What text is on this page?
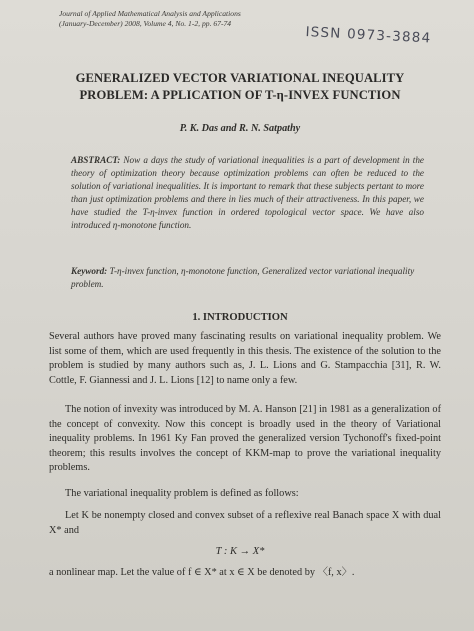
Journal of Applied Mathematical Analysis and Applications
(January-December) 2008, Volume 4, No. 1-2, pp. 67-74
ISSN 0973-3884
GENERALIZED VECTOR VARIATIONAL INEQUALITY
PROBLEM: A PPLICATION OF T-η-INVEX FUNCTION
P. K. Das and R. N. Satpathy
ABSTRACT: Now a days the study of variational inequalities is a part of development in the theory of optimization theory because optimization problems can often be reduced to the solution of variational inequalities. It is important to remark that these subjects pertant to more than just optimization problems and there in lies much of their attractiveness. In this paper, we have studied the T-η-invex function in ordered topological vector space. We have also introduced η-monotone function.
Keyword: T-η-invex function, η-monotone function, Generalized vector variational inequality problem.
1. INTRODUCTION
Several authors have proved many fascinating results on variational inequality problem. We list some of them, which are used frequently in this thesis. The existence of the solution to the problem is studied by many authors such as, J. L. Lions and G. Stampacchia [31], R. W. Cottle, F. Giannessi and J. L. Lions [12] to name only a few.
The notion of invexity was introduced by M. A. Hanson [21] in 1981 as a generalization of the concept of convexity. Now this concept is broadly used in the theory of Variational inequality problems. In 1961 Ky Fan proved the generalized version Tychonoff's fixed-point theorem; this results involves the concept of KKM-map to prove the variational inequality problems.
The variational inequality problem is defined as follows:
Let K be nonempty closed and convex subset of a reflexive real Banach space X with dual X* and
T : K → X*
a nonlinear map. Let the value of f ∈ X* at x ∈ X be denoted by 〈f, x〉.
